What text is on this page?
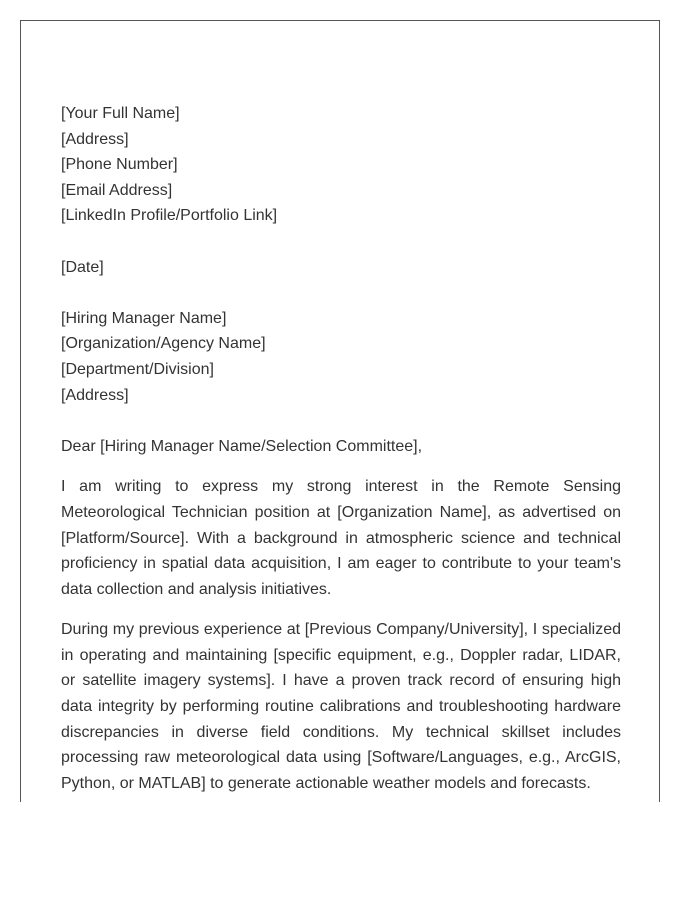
[Your Full Name]
[Address]
[Phone Number]
[Email Address]
[LinkedIn Profile/Portfolio Link]
[Date]
[Hiring Manager Name]
[Organization/Agency Name]
[Department/Division]
[Address]

Dear [Hiring Manager Name/Selection Committee],

I am writing to express my strong interest in the Remote Sensing Meteorological Technician position at [Organization Name], as advertised on [Platform/Source]. With a background in atmospheric science and technical proficiency in spatial data acquisition, I am eager to contribute to your team's data collection and analysis initiatives.

During my previous experience at [Previous Company/University], I specialized in operating and maintaining [specific equipment, e.g., Doppler radar, LIDAR, or satellite imagery systems]. I have a proven track record of ensuring high data integrity by performing routine calibrations and troubleshooting hardware discrepancies in diverse field conditions. My technical skillset includes processing raw meteorological data using [Software/Languages, e.g., ArcGIS, Python, or MATLAB] to generate actionable weather models and forecasts.
